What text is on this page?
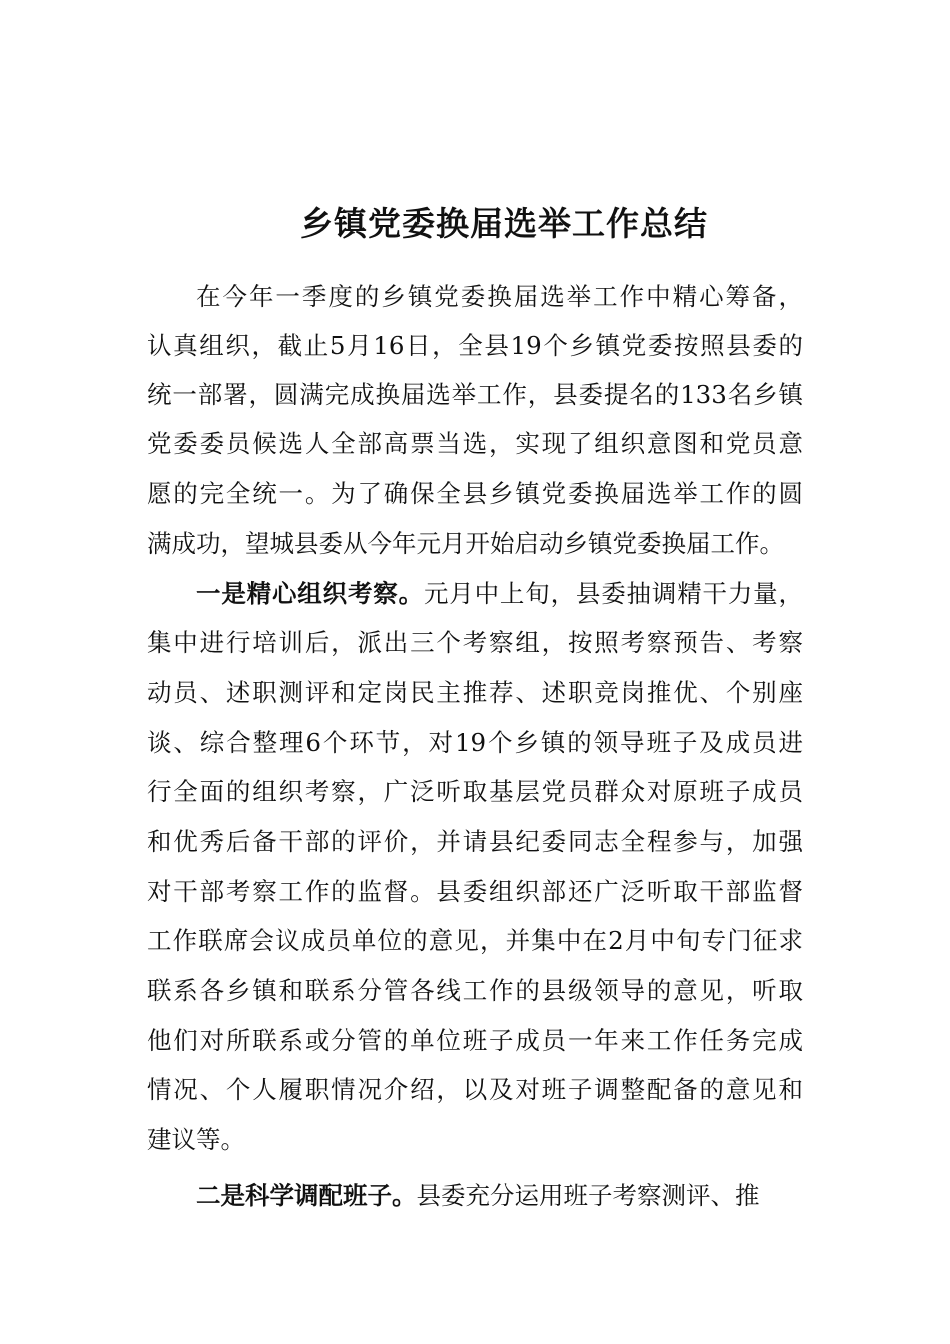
乡镇党委换届选举工作总结
在今年一季度的乡镇党委换届选举工作中精心筹备，
认真组织，截止5月16日，全县19个乡镇党委按照县委的
统一部署，圆满完成换届选举工作，县委提名的133名乡镇
党委委员候选人全部高票当选，实现了组织意图和党员意
愿的完全统一。为了确保全县乡镇党委换届选举工作的圆
满成功，望城县委从今年元月开始启动乡镇党委换届工作。
一是精心组织考察。元月中上旬，县委抽调精干力量，
集中进行培训后，派出三个考察组，按照考察预告、考察
动员、述职测评和定岗民主推荐、述职竞岗推优、个别座
谈、综合整理6个环节，对19个乡镇的领导班子及成员进
行全面的组织考察，广泛听取基层党员群众对原班子成员
和优秀后备干部的评价，并请县纪委同志全程参与，加强
对干部考察工作的监督。县委组织部还广泛听取干部监督
工作联席会议成员单位的意见，并集中在2月中旬专门征求
联系各乡镇和联系分管各线工作的县级领导的意见，听取
他们对所联系或分管的单位班子成员一年来工作任务完成
情况、个人履职情况介绍，以及对班子调整配备的意见和
建议等。
二是科学调配班子。县委充分运用班子考察测评、推
